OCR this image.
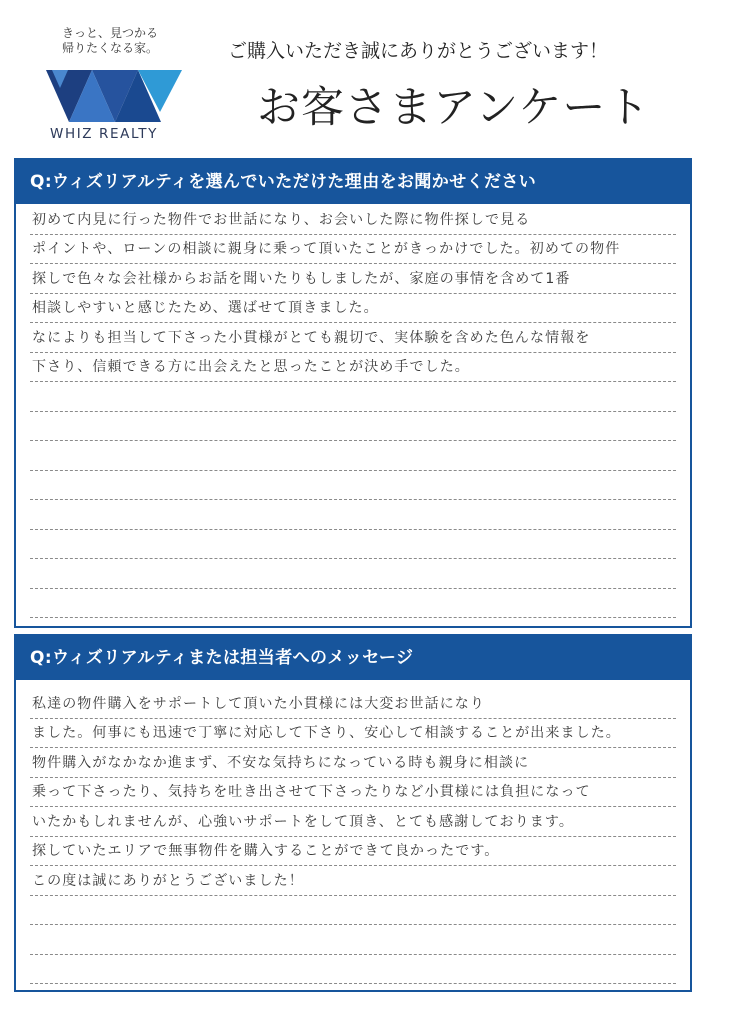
きっと、見つかる
帰りたくなる家。
WHIZ REALTY
ご購入いただき誠にありがとうございます！
お客さまアンケート
Q:ウィズリアルティを選んでいただけた理由をお聞かせください
初めて内見に行った物件でお世話になり、お会いした際に物件探しで見る
ポイントや、ローンの相談に親身に乗って頂いたことがきっかけでした。初めての物件
探しで色々な会社様からお話を聞いたりもしましたが、家庭の事情を含めて1番
相談しやすいと感じたため、選ばせて頂きました。
なによりも担当して下さった小貫様がとても親切で、実体験を含めた色んな情報を
下さり、信頼できる方に出会えたと思ったことが決め手でした。
Q:ウィズリアルティまたは担当者へのメッセージ
私達の物件購入をサポートして頂いた小貫様には大変お世話になり
ました。何事にも迅速で丁寧に対応して下さり、安心して相談することが出来ました。
物件購入がなかなか進まず、不安な気持ちになっている時も親身に相談に
乗って下さったり、気持ちを吐き出させて下さったりなど小貫様には負担になって
いたかもしれませんが、心強いサポートをして頂き、とても感謝しております。
探していたエリアで無事物件を購入することができて良かったです。
この度は誠にありがとうございました！
